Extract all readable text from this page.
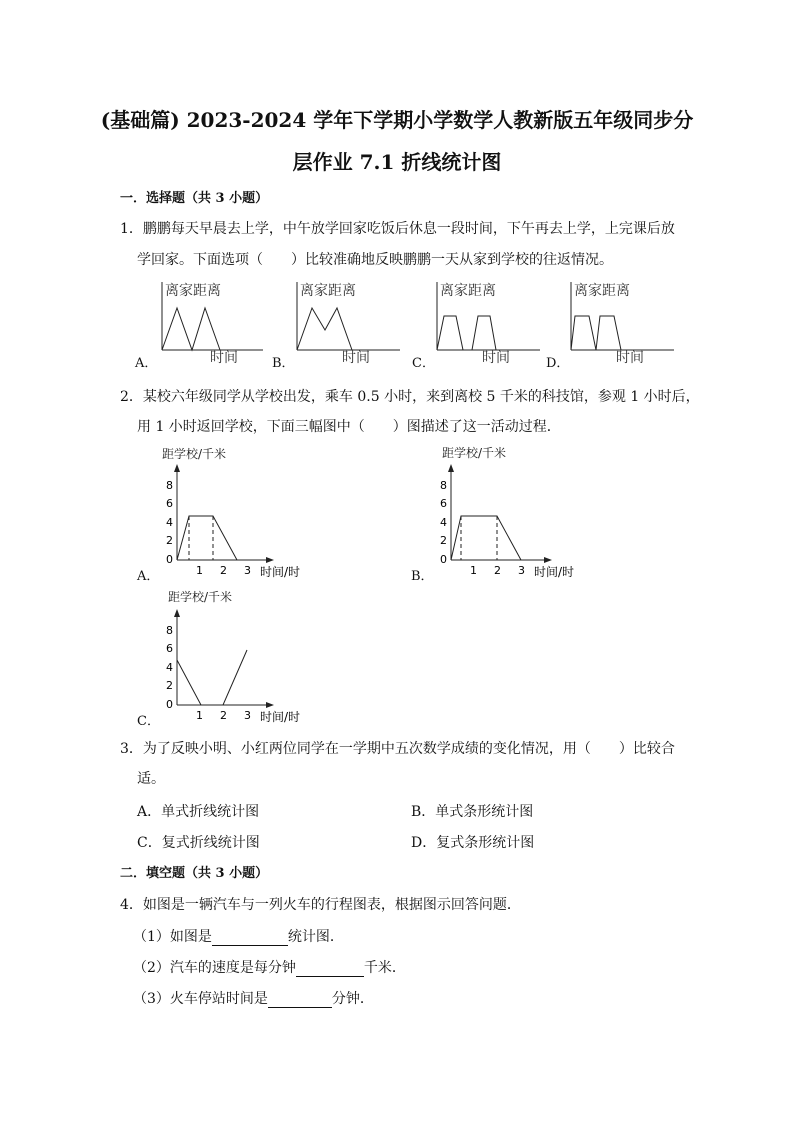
(基础篇) 2023-2024 学年下学期小学数学人教新版五年级同步分
层作业 7.1 折线统计图
一．选择题（共 3 小题）
1．鹏鹏每天早晨去上学，中午放学回家吃饭后休息一段时间，下午再去上学，上完课后放
学回家。下面选项（　　）比较准确地反映鹏鹏一天从家到学校的往返情况。
A．
离家距离
时间	B．
离家距离
时间	C．
离家距离
时间	D．
离家距离
时间
2．某校六年级同学从学校出发，乘车 0.5 小时，来到离校 5 千米的科技馆，参观 1 小时后，
用 1 小时返回学校，下面三幅图中（　　）图描述了这一活动过程．
A．
距学校/千米
8
6
4
2
0
1 2 3 时间/时	B．
距学校/千米
8
6
4
2
0
1 2 3 时间/时
C．
距学校/千米
8
6
4
2
0
1 2 3 时间/时
3．为了反映小明、小红两位同学在一学期中五次数学成绩的变化情况，用（　　）比较合
适。
A．单式折线统计图	B．单式条形统计图
C．复式折线统计图	D．复式条形统计图
二．填空题（共 3 小题）
4．如图是一辆汽车与一列火车的行程图表，根据图示回答问题．
（1）如图是	统计图．
（2）汽车的速度是每分钟	千米．
（3）火车停站时间是	分钟．
